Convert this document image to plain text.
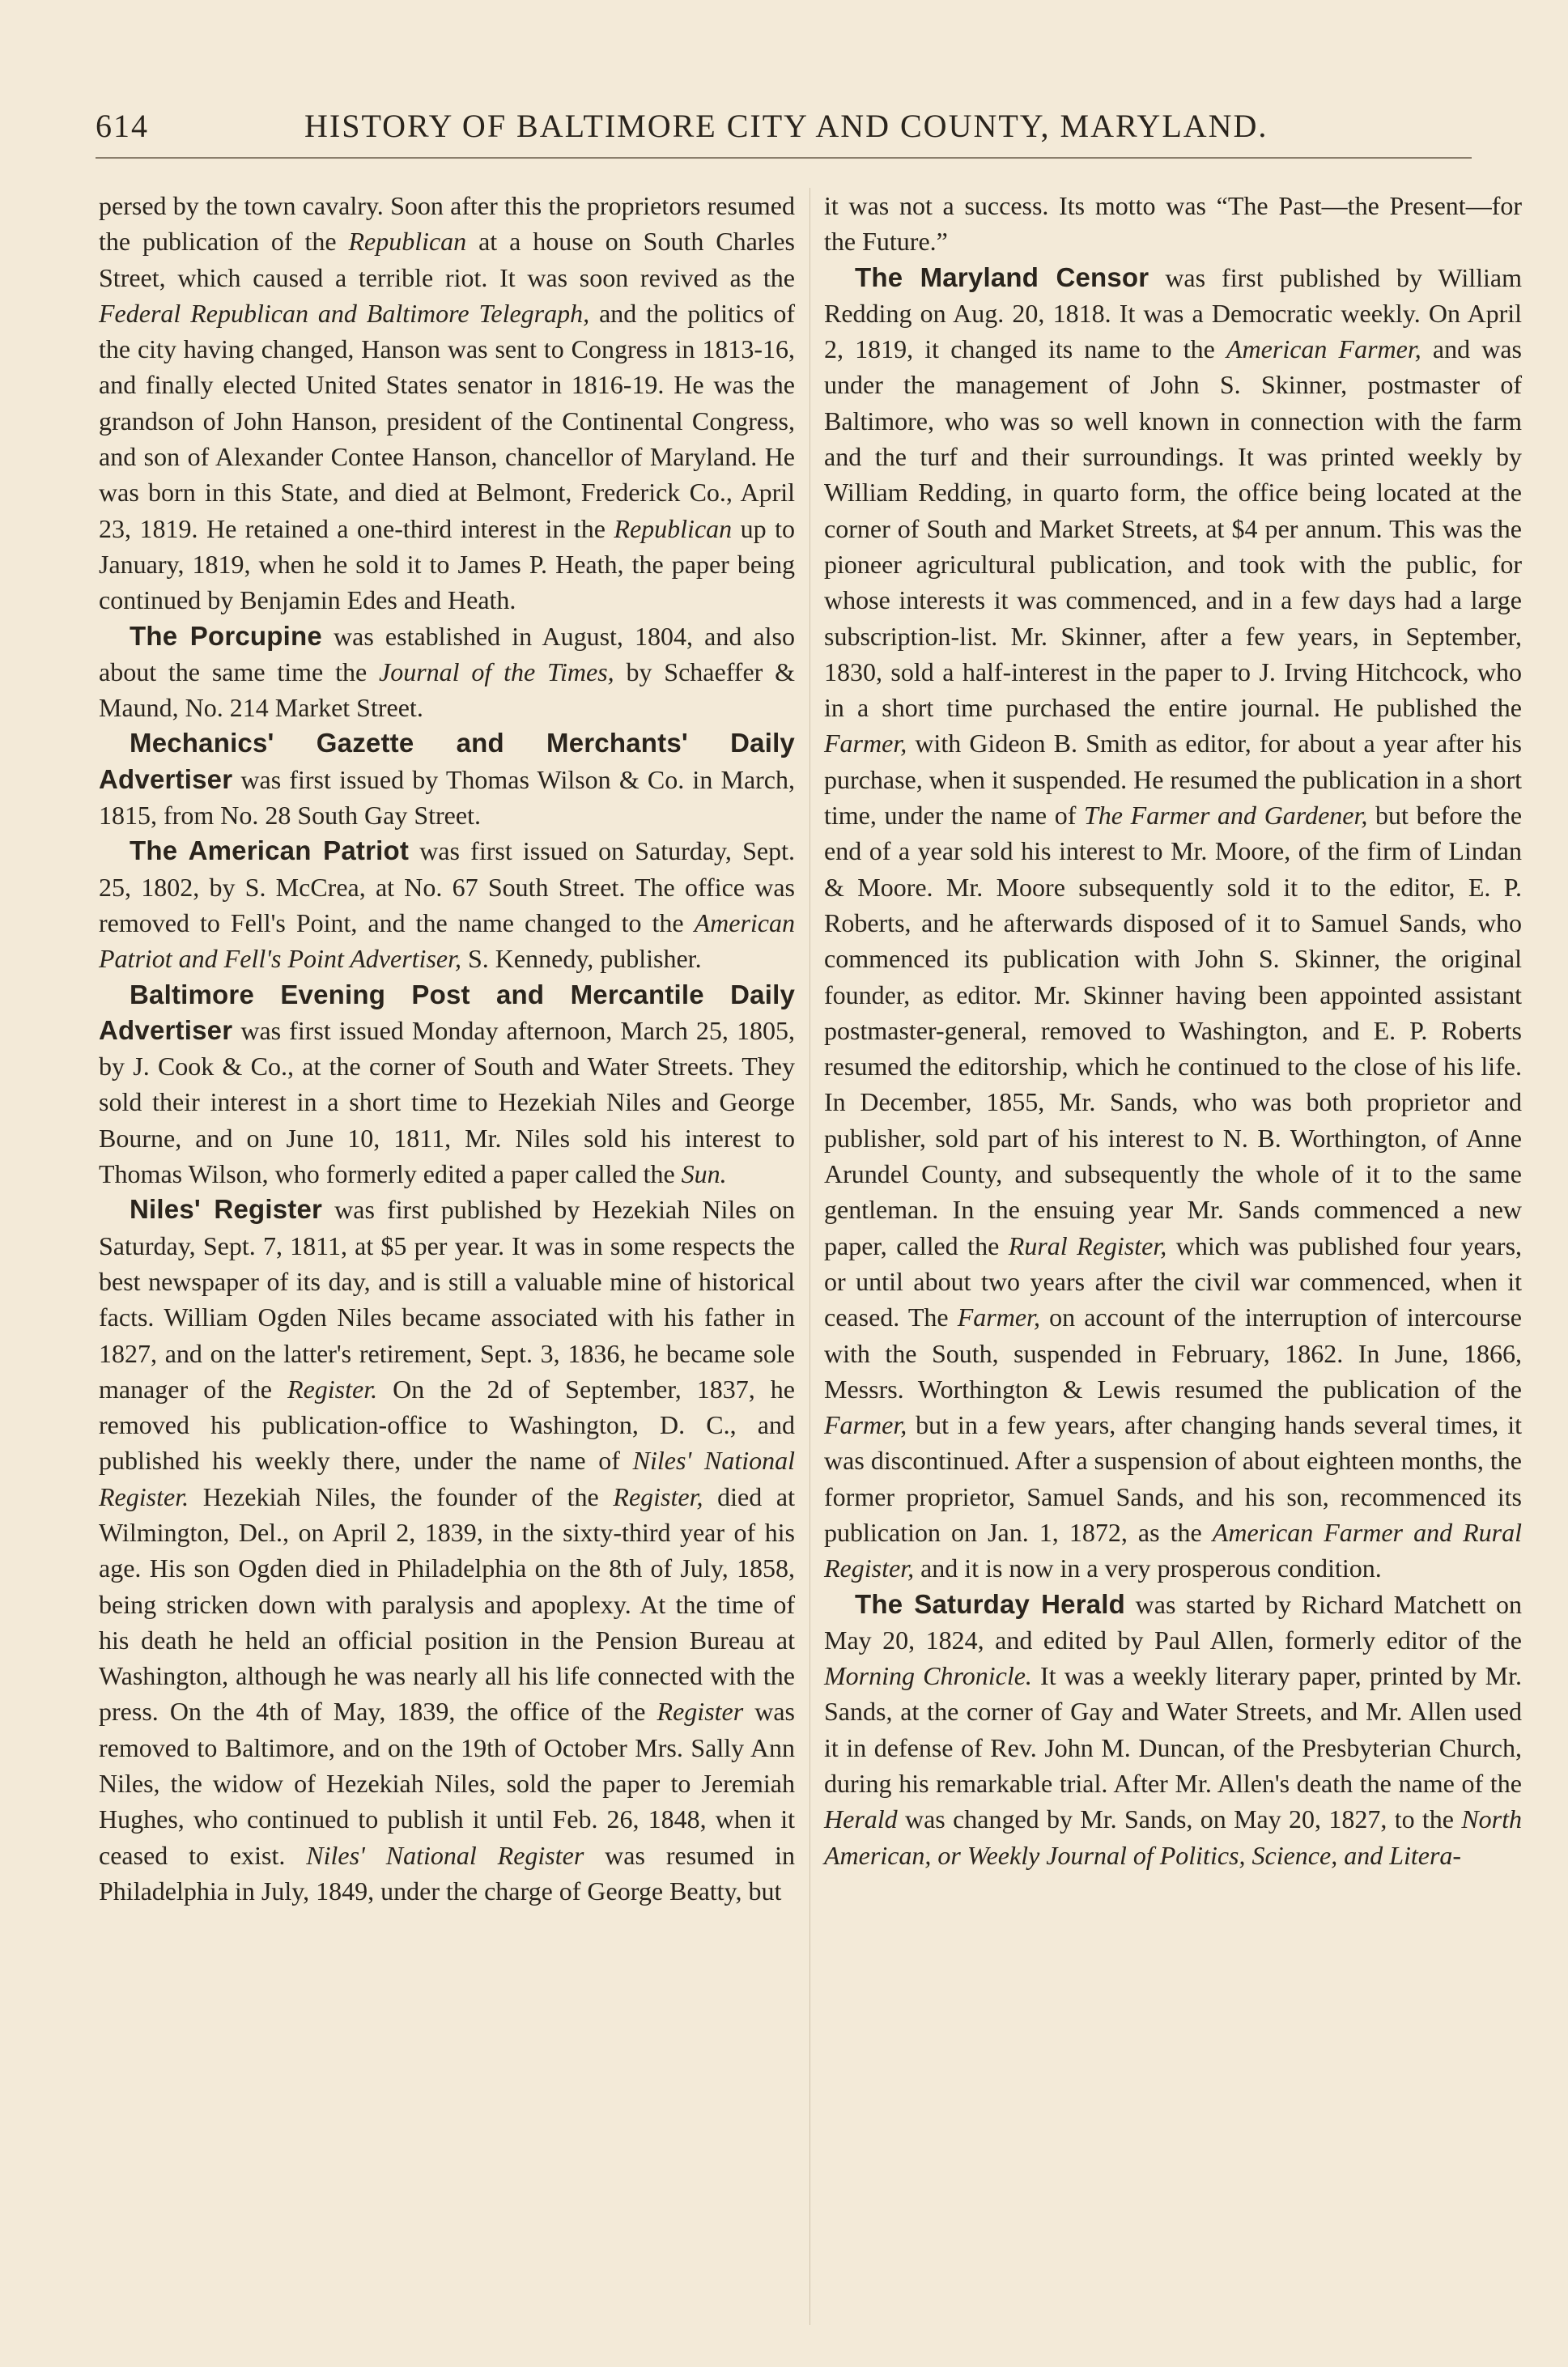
614	HISTORY OF BALTIMORE CITY AND COUNTY, MARYLAND.

persed by the town cavalry. Soon after this the proprietors resumed the publication of the Republican at a house on South Charles Street, which caused a terrible riot. It was soon revived as the Federal Republican and Baltimore Telegraph, and the politics of the city having changed, Hanson was sent to Congress in 1813-16, and finally elected United States senator in 1816-19. He was the grandson of John Hanson, president of the Continental Congress, and son of Alexander Contee Hanson, chancellor of Maryland. He was born in this State, and died at Belmont, Frederick Co., April 23, 1819. He retained a one-third interest in the Republican up to January, 1819, when he sold it to James P. Heath, the paper being continued by Benjamin Edes and Heath.

The Porcupine was established in August, 1804, and also about the same time the Journal of the Times, by Schaeffer & Maund, No. 214 Market Street.

Mechanics' Gazette and Merchants' Daily Advertiser was first issued by Thomas Wilson & Co. in March, 1815, from No. 28 South Gay Street.

The American Patriot was first issued on Saturday, Sept. 25, 1802, by S. McCrea, at No. 67 South Street. The office was removed to Fell's Point, and the name changed to the American Patriot and Fell's Point Advertiser, S. Kennedy, publisher.

Baltimore Evening Post and Mercantile Daily Advertiser was first issued Monday afternoon, March 25, 1805, by J. Cook & Co., at the corner of South and Water Streets. They sold their interest in a short time to Hezekiah Niles and George Bourne, and on June 10, 1811, Mr. Niles sold his interest to Thomas Wilson, who formerly edited a paper called the Sun.

Niles' Register was first published by Hezekiah Niles on Saturday, Sept. 7, 1811, at $5 per year. It was in some respects the best newspaper of its day, and is still a valuable mine of historical facts. William Ogden Niles became associated with his father in 1827, and on the latter's retirement, Sept. 3, 1836, he became sole manager of the Register. On the 2d of September, 1837, he removed his publication-office to Washington, D. C., and published his weekly there, under the name of Niles' National Register. Hezekiah Niles, the founder of the Register, died at Wilmington, Del., on April 2, 1839, in the sixty-third year of his age. His son Ogden died in Philadelphia on the 8th of July, 1858, being stricken down with paralysis and apoplexy. At the time of his death he held an official position in the Pension Bureau at Washington, although he was nearly all his life connected with the press. On the 4th of May, 1839, the office of the Register was removed to Baltimore, and on the 19th of October Mrs. Sally Ann Niles, the widow of Hezekiah Niles, sold the paper to Jeremiah Hughes, who continued to publish it until Feb. 26, 1848, when it ceased to exist. Niles' National Register was resumed in Philadelphia in July, 1849, under the charge of George Beatty, but

it was not a success. Its motto was “The Past—the Present—for the Future.”

The Maryland Censor was first published by William Redding on Aug. 20, 1818. It was a Democratic weekly. On April 2, 1819, it changed its name to the American Farmer, and was under the management of John S. Skinner, postmaster of Baltimore, who was so well known in connection with the farm and the turf and their surroundings. It was printed weekly by William Redding, in quarto form, the office being located at the corner of South and Market Streets, at $4 per annum. This was the pioneer agricultural publication, and took with the public, for whose interests it was commenced, and in a few days had a large subscription-list. Mr. Skinner, after a few years, in September, 1830, sold a half-interest in the paper to J. Irving Hitchcock, who in a short time purchased the entire journal. He published the Farmer, with Gideon B. Smith as editor, for about a year after his purchase, when it suspended. He resumed the publication in a short time, under the name of The Farmer and Gardener, but before the end of a year sold his interest to Mr. Moore, of the firm of Lindan & Moore. Mr. Moore subsequently sold it to the editor, E. P. Roberts, and he afterwards disposed of it to Samuel Sands, who commenced its publication with John S. Skinner, the original founder, as editor. Mr. Skinner having been appointed assistant postmaster-general, removed to Washington, and E. P. Roberts resumed the editorship, which he continued to the close of his life. In December, 1855, Mr. Sands, who was both proprietor and publisher, sold part of his interest to N. B. Worthington, of Anne Arundel County, and subsequently the whole of it to the same gentleman. In the ensuing year Mr. Sands commenced a new paper, called the Rural Register, which was published four years, or until about two years after the civil war commenced, when it ceased. The Farmer, on account of the interruption of intercourse with the South, suspended in February, 1862. In June, 1866, Messrs. Worthington & Lewis resumed the publication of the Farmer, but in a few years, after changing hands several times, it was discontinued. After a suspension of about eighteen months, the former proprietor, Samuel Sands, and his son, recommenced its publication on Jan. 1, 1872, as the American Farmer and Rural Register, and it is now in a very prosperous condition.

The Saturday Herald was started by Richard Matchett on May 20, 1824, and edited by Paul Allen, formerly editor of the Morning Chronicle. It was a weekly literary paper, printed by Mr. Sands, at the corner of Gay and Water Streets, and Mr. Allen used it in defense of Rev. John M. Duncan, of the Presbyterian Church, during his remarkable trial. After Mr. Allen's death the name of the Herald was changed by Mr. Sands, on May 20, 1827, to the North American, or Weekly Journal of Politics, Science, and Litera-
